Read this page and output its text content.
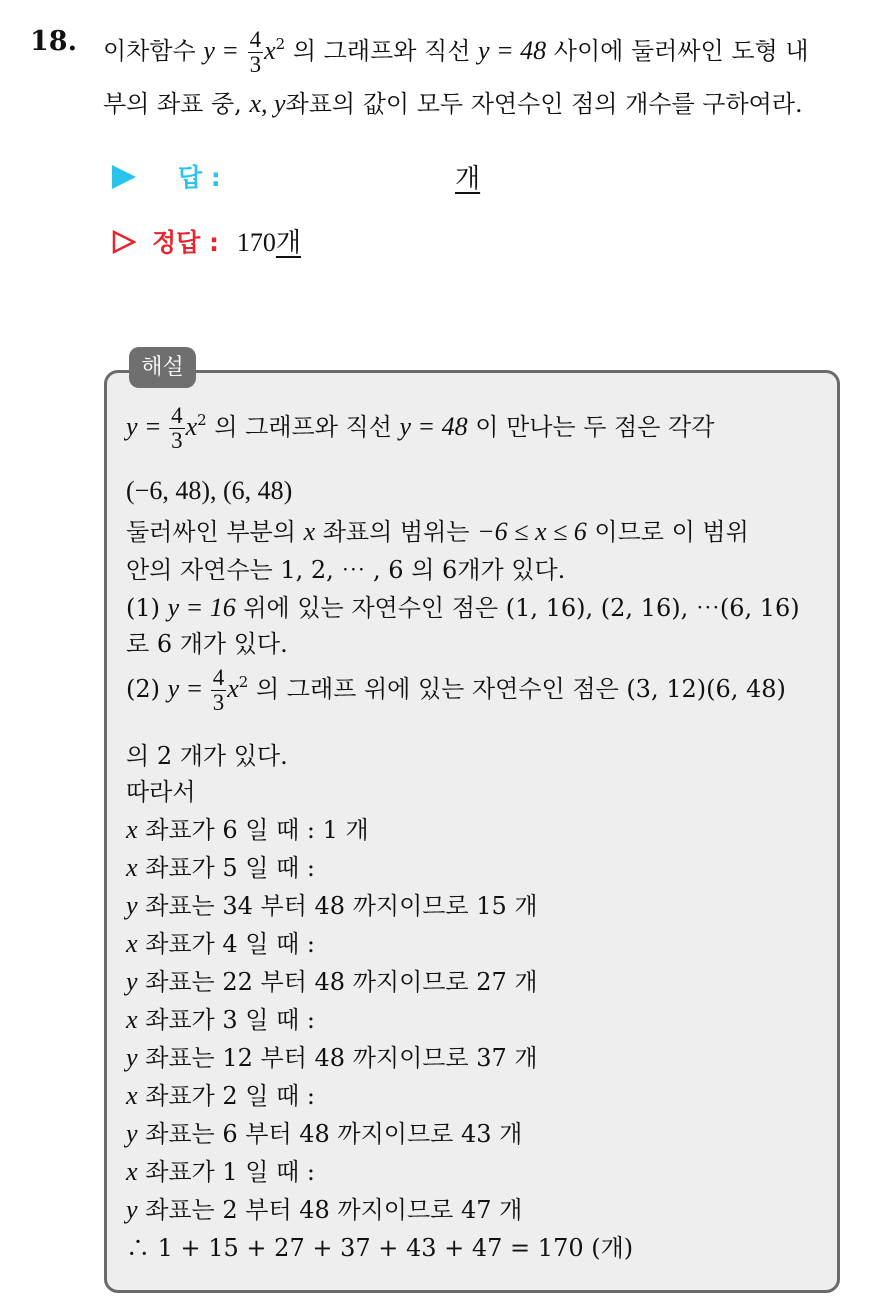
18. 이차함수 $y = \frac{4}{3} x^2$ 의 그래프와 직선 y = 48 사이에 둘러싸인 도형 내
부의 좌표 중, x, y좌표의 값이 모두 자연수인 점의 개수를 구하여라.
답 :	개
정답 : 170개
해설
$y = \frac{4}{3} x^2$ 의 그래프와 직선 y = 48 이 만나는 두 점은 각각
(−6, 48), (6, 48)
둘러싸인 부분의 x 좌표의 범위는 −6 ≤ x ≤ 6 이므로 이 범위
안의 자연수는 1, 2, ⋯ , 6 의 6개가 있다.
(1) y = 16 위에 있는 자연수인 점은 (1, 16), (2, 16), ⋯(6, 16)
로 6 개가 있다.
(2) $y = \frac{4}{3} x^2$ 의 그래프 위에 있는 자연수인 점은 (3, 12)(6, 48)
의 2 개가 있다.
따라서
x 좌표가 6 일 때 : 1 개
x 좌표가 5 일 때 :
y 좌표는 34 부터 48 까지이므로 15 개
x 좌표가 4 일 때 :
y 좌표는 22 부터 48 까지이므로 27 개
x 좌표가 3 일 때 :
y 좌표는 12 부터 48 까지이므로 37 개
x 좌표가 2 일 때 :
y 좌표는 6 부터 48 까지이므로 43 개
x 좌표가 1 일 때 :
y 좌표는 2 부터 48 까지이므로 47 개
∴ 1 + 15 + 27 + 37 + 43 + 47 = 170 (개)
